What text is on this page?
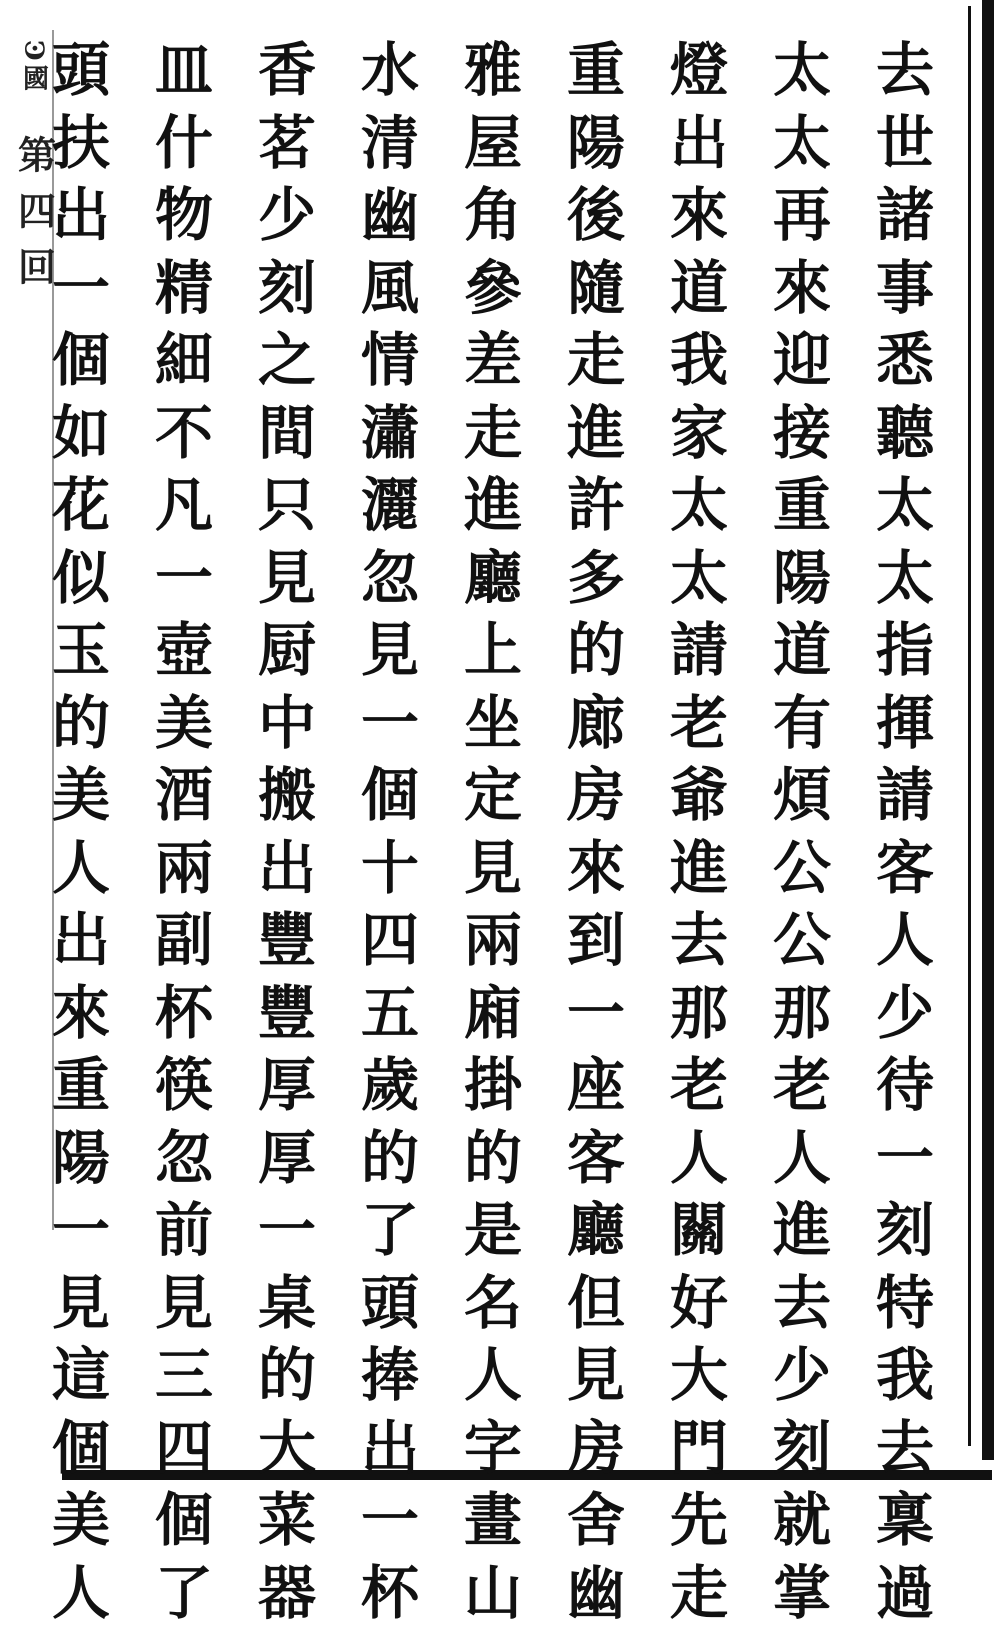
Ͽ國
第四回
去
世
諸
事
悉
聽
太
太
指
揮
請
客
人
少
待
一
刻
特
我
去
稟
過
太
太
再
來
迎
接
重
陽
道
有
煩
公
公
那
老
人
進
去
少
刻
就
掌
燈
出
來
道
我
家
太
太
請
老
爺
進
去
那
老
人
關
好
大
門
先
走
重
陽
後
隨
走
進
許
多
的
廊
房
來
到
一
座
客
廳
但
見
房
舍
幽
雅
屋
角
參
差
走
進
廳
上
坐
定
見
兩
廂
掛
的
是
名
人
字
畫
山
水
清
幽
風
情
瀟
灑
忽
見
一
個
十
四
五
歲
的
了
頭
捧
出
一
杯
香
茗
少
刻
之
間
只
見
厨
中
搬
出
豐
豐
厚
厚
一
桌
的
大
菜
器
皿
什
物
精
細
不
凡
一
壺
美
酒
兩
副
杯
筷
忽
前
見
三
四
個
了
頭
扶
出
一
個
如
花
似
玉
的
美
人
出
來
重
陽
一
見
這
個
美
人
